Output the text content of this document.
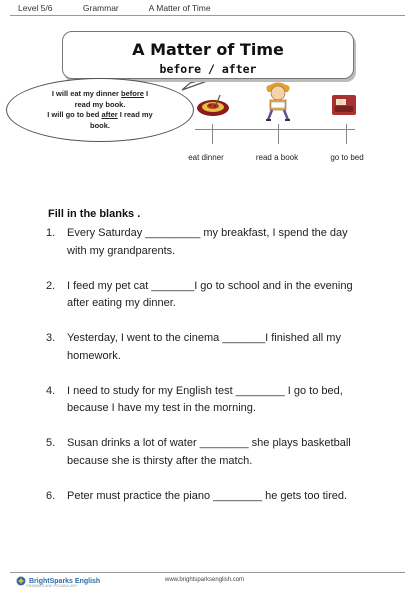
Level 5/6	Grammar	A Matter of Time
A Matter of Time
before / after
I will eat my dinner before I
read my book.
I will go to bed after I read my
book.
eat dinner	read a book	go to bed
Fill in the blanks .
1. Every Saturday _________ my breakfast, I spend the day with my grandparents.
2. I feed my pet cat _______I go to school and in the evening after eating my dinner.
3. Yesterday, I went to the cinema _______I finished all my homework.
4. I need to study for my English test ________ I go to bed, because I have my test in the morning.
5. Susan drinks a lot of water ________ she plays basketball because she is thirsty after the match.
6. Peter must practice the piano ________ he gets too tired.
BrightSparks English
GRAMMAR AND VOCABULARY
www.brightsparksenglish.com
